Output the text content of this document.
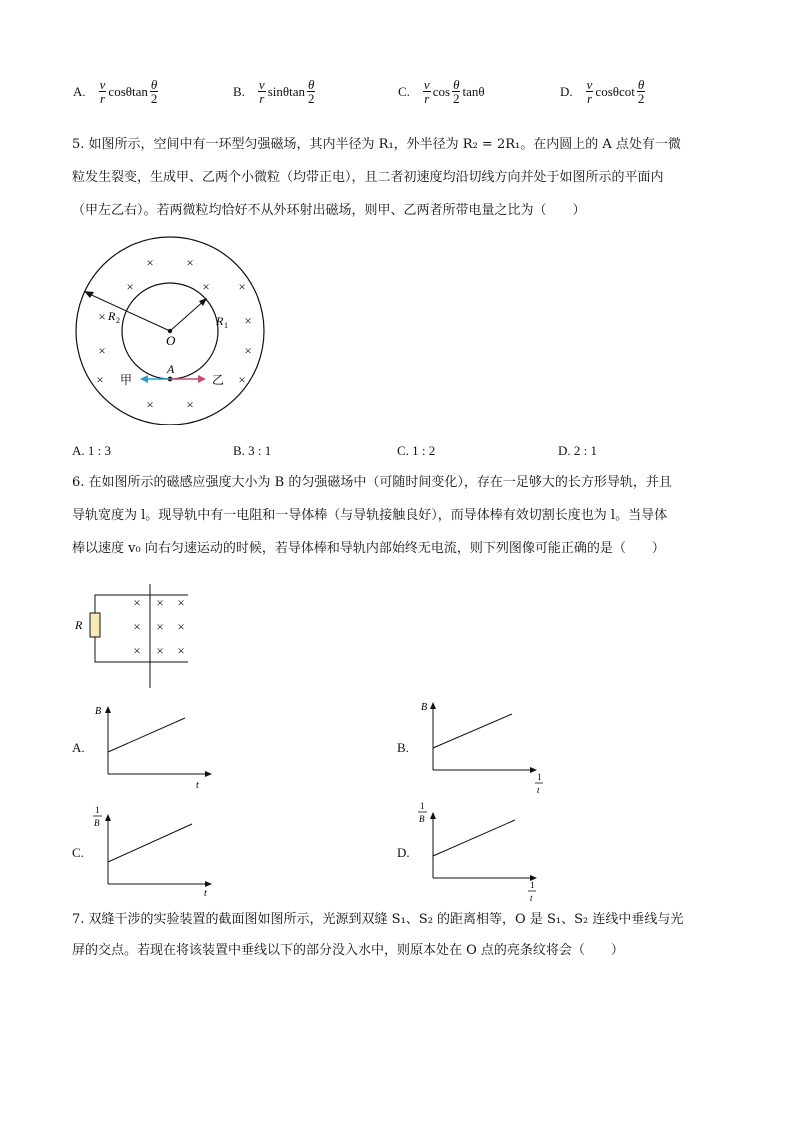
A. $\frac{v}{r}$ cosθtan $\frac{\theta}{2}$	B. $\frac{v}{r}$ sinθtan $\frac{\theta}{2}$	C. $\frac{v}{r}$ $\cos \frac{\theta}{2}$ tanθ	D. $\frac{v}{r}$ cosθcot $\frac{\theta}{2}$
5. 如图所示，空间中有一环型匀强磁场，其内半径为 R₁，外半径为 R₂ = 2R₁。在内圆上的 A 点处有一微
粒发生裂变，生成甲、乙两个小微粒（均带正电），且二者初速度均沿切线方向并处于如图所示的平面内
（甲左乙右）。若两微粒均恰好不从外环射出磁场，则甲、乙两者所带电量之比为（　　）
×	×
×	× ×
×	×
×	×
×	×
×	×
O
R 2	R 1
A
甲	乙
A. 1 : 3	B. 3 : 1	C. 1 : 2	D. 2 : 1
6. 在如图所示的磁感应强度大小为 B 的匀强磁场中（可随时间变化），存在一足够大的长方形导轨，并且
导轨宽度为 l。现导轨中有一电阻和一导体棒（与导轨接触良好），而导体棒有效切割长度也为 l。当导体
棒以速度 v₀ 向右匀速运动的时候，若导体棒和导轨内部始终无电流，则下列图像可能正确的是（　　）
R
× × ×
× × ×
× × ×
A.
B
t
B.
B
1
t
C.
1
B
t
D.
1
B
1
t
7. 双缝干涉的实验装置的截面图如图所示，光源到双缝 S₁、S₂ 的距离相等，O 是 S₁、S₂ 连线中垂线与光
屏的交点。若现在将该装置中垂线以下的部分没入水中，则原本处在 O 点的亮条纹将会（　　）
